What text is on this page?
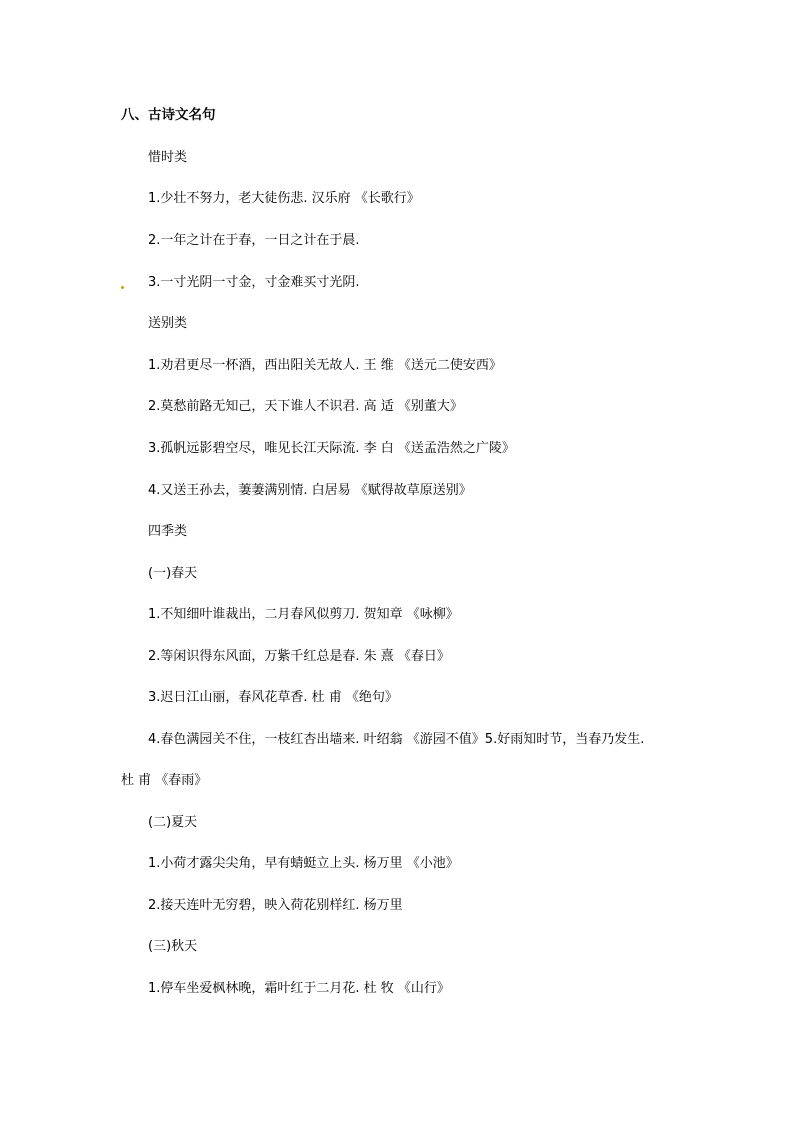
八、古诗文名句
惜时类
1.少壮不努力，老大徒伤悲. 汉乐府 《长歌行》
2.一年之计在于春，一日之计在于晨.
3.一寸光阴一寸金，寸金难买寸光阴.
送别类
1.劝君更尽一杯酒，西出阳关无故人. 王 维 《送元二使安西》
2.莫愁前路无知己，天下谁人不识君. 高 适 《别董大》
3.孤帆远影碧空尽，唯见长江天际流. 李 白 《送孟浩然之广陵》
4.又送王孙去，萋萋满别情. 白居易 《赋得故草原送别》
四季类
(一)春天
1.不知细叶谁裁出，二月春风似剪刀. 贺知章 《咏柳》
2.等闲识得东风面，万紫千红总是春. 朱 熹 《春日》
3.迟日江山丽，春风花草香. 杜 甫 《绝句》
4.春色满园关不住，一枝红杏出墙来. 叶绍翁 《游园不值》5.好雨知时节，当春乃发生.
杜 甫 《春雨》
(二)夏天
1.小荷才露尖尖角，早有蜻蜓立上头. 杨万里 《小池》
2.接天连叶无穷碧，映入荷花别样红. 杨万里
(三)秋天
1.停车坐爱枫林晚，霜叶红于二月花. 杜 牧 《山行》
